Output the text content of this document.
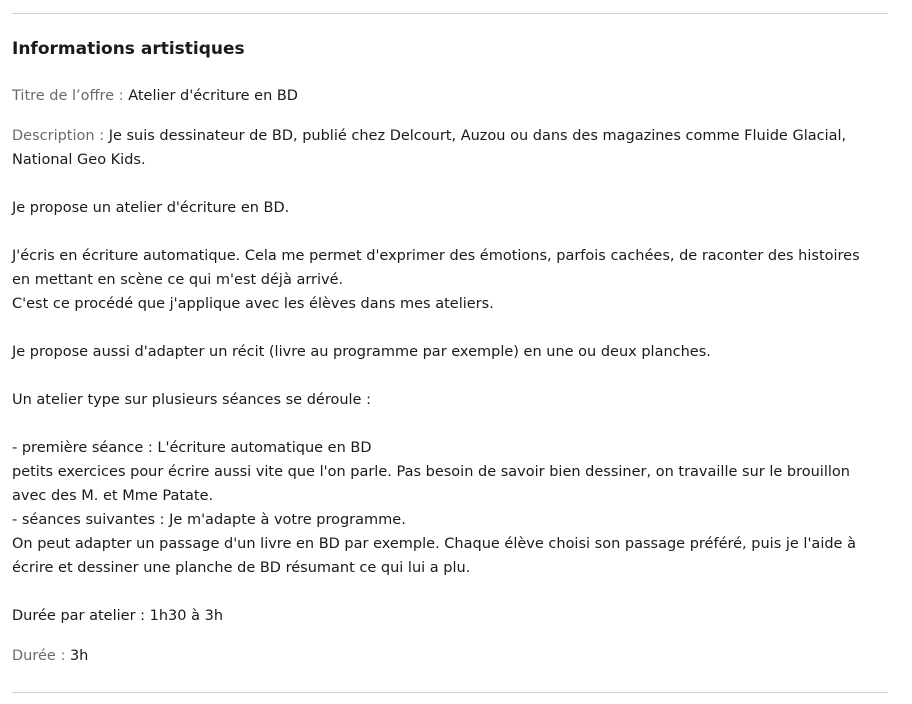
Informations artistiques
Titre de l’offre : Atelier d'écriture en BD
Description : Je suis dessinateur de BD, publié chez Delcourt, Auzou ou dans des magazines comme Fluide Glacial,
National Geo Kids.
Je propose un atelier d'écriture en BD.
J'écris en écriture automatique. Cela me permet d'exprimer des émotions, parfois cachées, de raconter des histoires
en mettant en scène ce qui m'est déjà arrivé.
C'est ce procédé que j'applique avec les élèves dans mes ateliers.
Je propose aussi d'adapter un récit (livre au programme par exemple) en une ou deux planches.
Un atelier type sur plusieurs séances se déroule :
- première séance : L'écriture automatique en BD
petits exercices pour écrire aussi vite que l'on parle. Pas besoin de savoir bien dessiner, on travaille sur le brouillon
avec des M. et Mme Patate.
- séances suivantes : Je m'adapte à votre programme.
On peut adapter un passage d'un livre en BD par exemple. Chaque élève choisi son passage préféré, puis je l'aide à
écrire et dessiner une planche de BD résumant ce qui lui a plu.
Durée par atelier : 1h30 à 3h
Durée : 3h
